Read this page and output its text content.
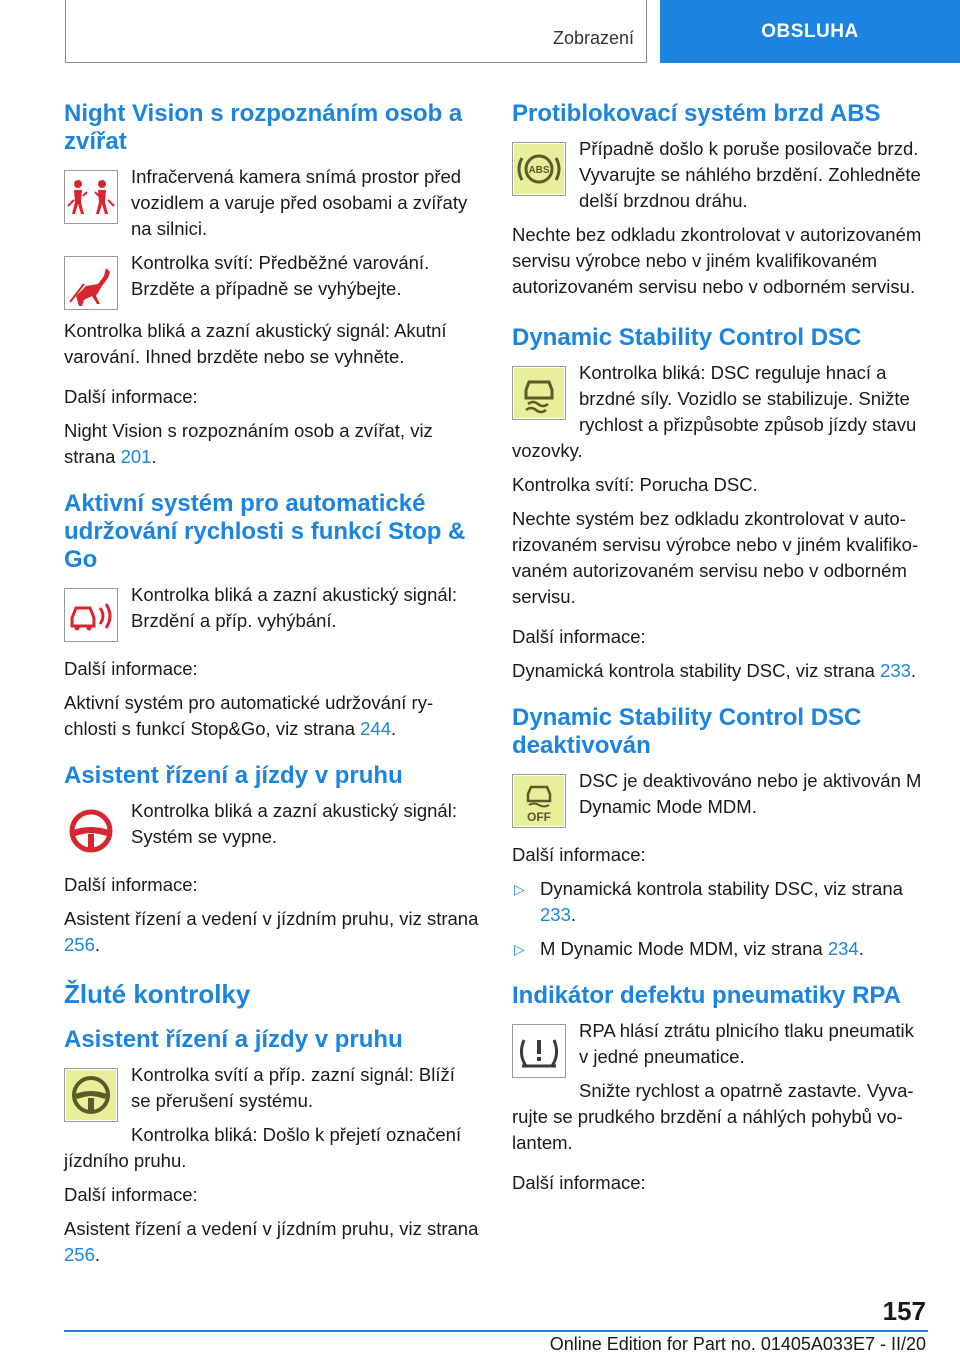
Zobrazení	OBSLUHA
Night Vision s rozpoznáním osob a zvířat

Infračervená kamera snímá prostor před vozidlem a varuje před osobami a zvířaty na silnici.

Kontrolka svítí: Předběžné varování. Brzděte a případně se vyhýbejte.

Kontrolka bliká a zazní akustický signál: Akutní varování. Ihned brzděte nebo se vyhněte.

Další informace:

Night Vision s rozpoznáním osob a zvířat, viz strana 201.

Aktivní systém pro automatické udržování rychlosti s funkcí Stop & Go

Kontrolka bliká a zazní akustický signál: Brzdění a příp. vyhýbání.

Další informace:

Aktivní systém pro automatické udržování rychlosti s funkcí Stop&Go, viz strana 244.

Asistent řízení a jízdy v pruhu

Kontrolka bliká a zazní akustický signál: Systém se vypne.

Další informace:

Asistent řízení a vedení v jízdním pruhu, viz strana 256.

Žluté kontrolky
Asistent řízení a jízdy v pruhu

Kontrolka svítí a příp. zazní signál: Blíží se přerušení systému.

Kontrolka bliká: Došlo k přejetí označení jízdního pruhu.

Další informace:

Asistent řízení a vedení v jízdním pruhu, viz strana 256.

Protiblokovací systém brzd ABS
ABS

Případně došlo k poruše posilovače brzd. Vyvarujte se náhlého brzdění. Zohledněte delší brzdnou dráhu.

Nechte bez odkladu zkontrolovat v autorizovaném servisu výrobce nebo v jiném kvalifikovaném autorizovaném servisu nebo v odborném servisu.

Dynamic Stability Control DSC

Kontrolka bliká: DSC reguluje hnací a brzdné síly. Vozidlo se stabilizuje. Snižte rychlost a přizpůsobte způsob jízdy stavu vozovky.

Kontrolka svítí: Porucha DSC.

Nechte systém bez odkladu zkontrolovat v autorizovaném servisu výrobce nebo v jiném kvalifikovaném autorizovaném servisu nebo v odborném servisu.

Další informace:

Dynamická kontrola stability DSC, viz strana 233.

Dynamic Stability Control DSC deaktivován
OFF

DSC je deaktivováno nebo je aktivován M Dynamic Mode MDM.

Další informace:

▷ Dynamická kontrola stability DSC, viz strana 233.

▷ M Dynamic Mode MDM, viz strana 234.

Indikátor defektu pneumatiky RPA

RPA hlásí ztrátu plnicího tlaku pneumatik v jedné pneumatice.

Snižte rychlost a opatrně zastavte. Vyvarujte se prudkého brzdění a náhlých pohybů volantem.

Další informace:

157
Online Edition for Part no. 01405A033E7 - II/20
